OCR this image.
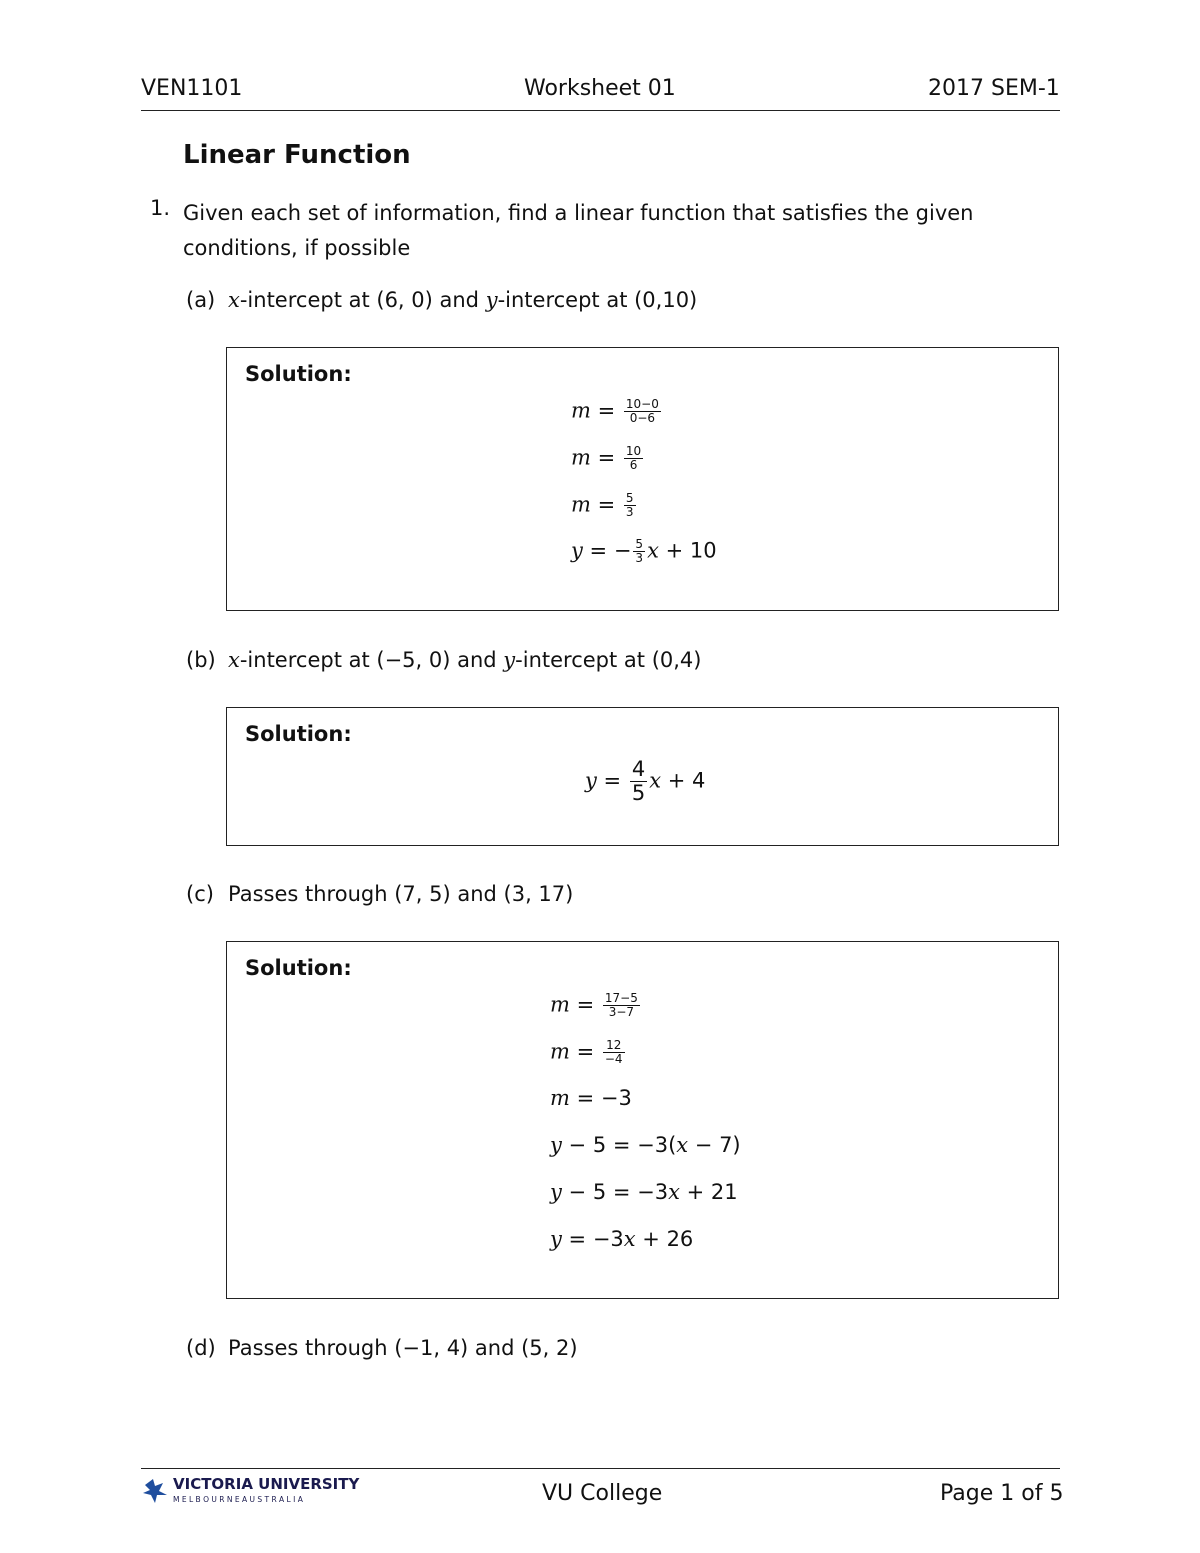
VEN1101	Worksheet 01	2017 SEM-1
Linear Function
1. Given each set of information, find a linear function that satisfies the given conditions, if possible
(a) x-intercept at (6, 0) and y-intercept at (0,10)
Solution:
$m = \frac{10-0}{0-6}$
$m = \frac{10}{6}$
$m = \frac{5}{3}$
y = − $\frac{5}{3}$ x + 10
(b) x-intercept at (−5, 0) and y-intercept at (0,4)
Solution:
$y = \frac{4}{5}$ x + 4
(c) Passes through (7, 5) and (3, 17)
Solution:
$m = \frac{17-5}{3-7}$
$m = \frac{12}{-4}$
m = −3
y − 5 = −3(x − 7)
y − 5 = −3x + 21
y = −3x + 26
(d) Passes through (−1, 4) and (5, 2)
VICTORIA UNIVERSITY
M E L B O U R N E A U S T R A L I A	VU College	Page 1 of 5
